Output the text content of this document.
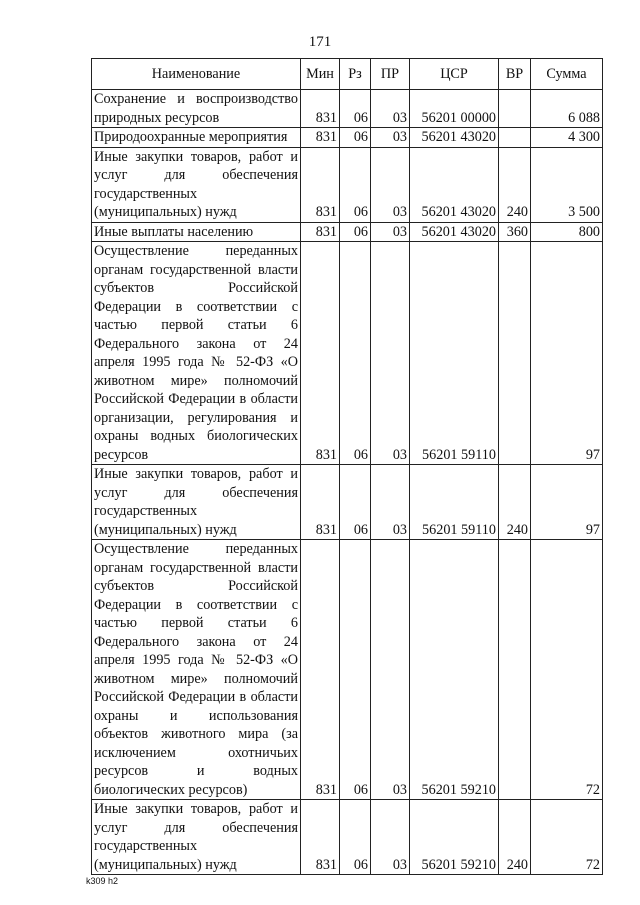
171
Наименование	Мин	Рз	ПР	ЦСР	ВР	Сумма
Сохранение и воспроизводство природных ресурсов	831	06	03	56201 00000		6 088
Природоохранные мероприятия	831	06	03	56201 43020		4 300
Иные закупки товаров, работ и услуг для обеспечения государственных (муниципальных) нужд	831	06	03	56201 43020	240	3 500
Иные выплаты населению	831	06	03	56201 43020	360	800
Осуществление переданных органам государственной власти субъектов Российской Федерации в соответствии с частью первой статьи 6 Федерального закона от 24 апреля 1995 года № 52-ФЗ «О животном мире» полномочий Российской Федерации в области организации, регулирования и охраны водных биологических ресурсов	831	06	03	56201 59110		97
Иные закупки товаров, работ и услуг для обеспечения государственных (муниципальных) нужд	831	06	03	56201 59110	240	97
Осуществление переданных органам государственной власти субъектов Российской Федерации в соответствии с частью первой статьи 6 Федерального закона от 24 апреля 1995 года № 52-ФЗ «О животном мире» полномочий Российской Федерации в области охраны и использования объектов животного мира (за исключением охотничьих ресурсов и водных биологических ресурсов)	831	06	03	56201 59210		72
Иные закупки товаров, работ и услуг для обеспечения государственных (муниципальных) нужд	831	06	03	56201 59210	240	72
k309 h2
